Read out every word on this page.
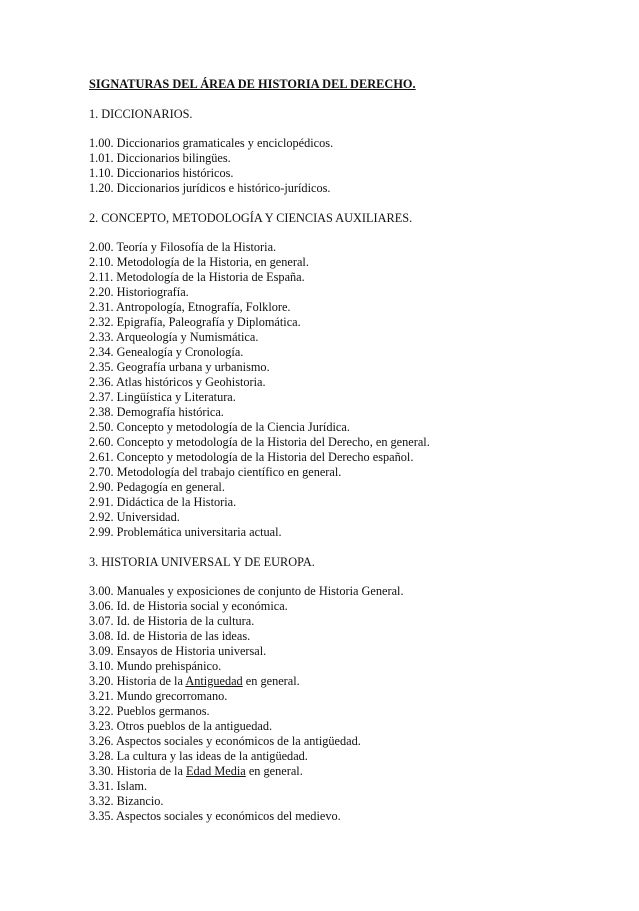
SIGNATURAS DEL ÁREA DE HISTORIA DEL DERECHO.
1. DICCIONARIOS.
1.00. Diccionarios gramaticales y enciclopédicos.
1.01. Diccionarios bilingües.
1.10. Diccionarios históricos.
1.20. Diccionarios jurídicos e histórico-jurídicos.
2. CONCEPTO, METODOLOGÍA Y CIENCIAS AUXILIARES.
2.00. Teoría y Filosofía de la Historia.
2.10. Metodología de la Historia, en general.
2.11. Metodología de la Historia de España.
2.20. Historiografía.
2.31. Antropología, Etnografía, Folklore.
2.32. Epigrafía, Paleografía y Diplomática.
2.33. Arqueología y Numismática.
2.34. Genealogía y Cronología.
2.35. Geografía urbana y urbanismo.
2.36. Atlas históricos y Geohistoria.
2.37. Lingüística y Literatura.
2.38. Demografía histórica.
2.50. Concepto y metodología de la Ciencia Jurídica.
2.60. Concepto y metodología de la Historia del Derecho, en general.
2.61. Concepto y metodología de la Historia del Derecho español.
2.70. Metodología del trabajo científico en general.
2.90. Pedagogía en general.
2.91. Didáctica de la Historia.
2.92. Universidad.
2.99. Problemática universitaria actual.
3. HISTORIA UNIVERSAL Y DE EUROPA.
3.00. Manuales y exposiciones de conjunto de Historia General.
3.06. Id. de Historia social y económica.
3.07. Id. de Historia de la cultura.
3.08. Id. de Historia de las ideas.
3.09. Ensayos de Historia universal.
3.10. Mundo prehispánico.
3.20. Historia de la Antiguedad en general.
3.21. Mundo grecorromano.
3.22. Pueblos germanos.
3.23. Otros pueblos de la antiguedad.
3.26. Aspectos sociales y económicos de la antigüedad.
3.28. La cultura y las ideas de la antigüedad.
3.30. Historia de la Edad Media en general.
3.31. Islam.
3.32. Bizancio.
3.35. Aspectos sociales y económicos del medievo.
